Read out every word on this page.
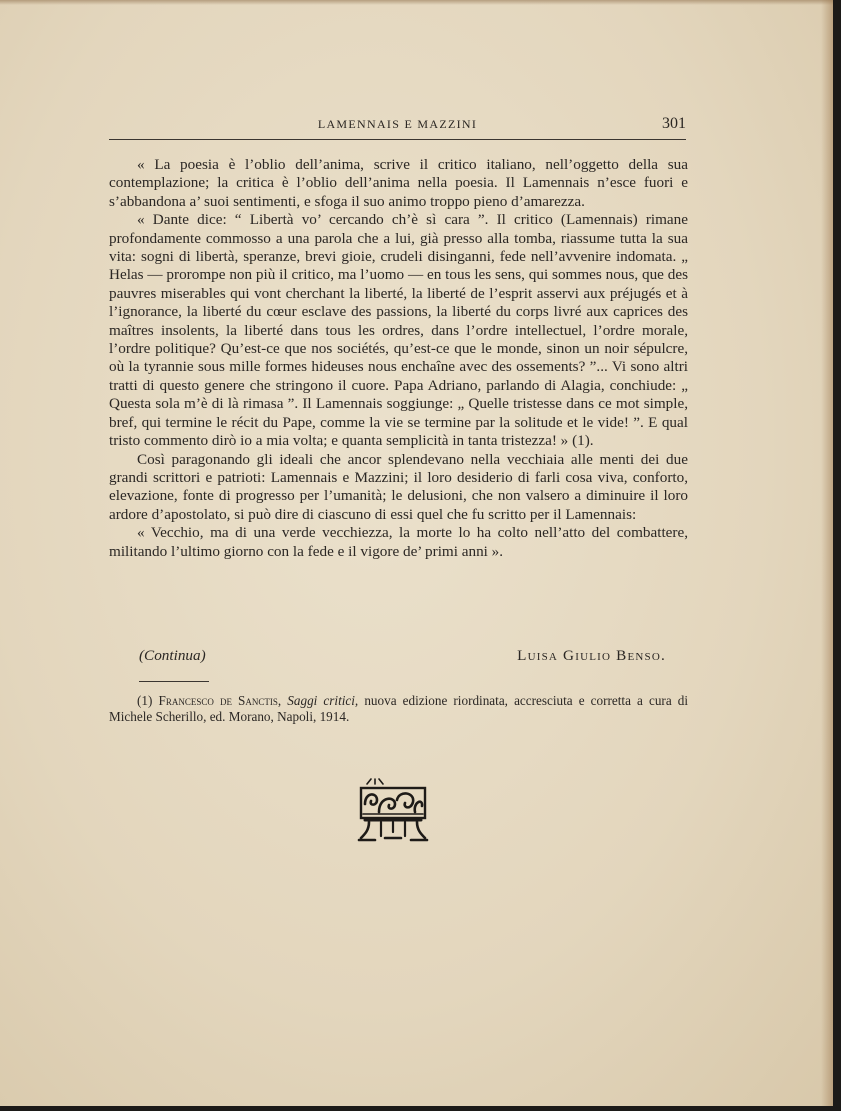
LAMENNAIS E MAZZINI	301

« La poesia è l’oblio dell’anima, scrive il critico italiano, nell’oggetto della sua contemplazione; la critica è l’oblio dell’anima nella poesia. Il Lamennais n’esce fuori e s’abbandona a’ suoi sentimenti, e sfoga il suo animo troppo pieno d’amarezza.

« Dante dice: “ Libertà vo’ cercando ch’è sì cara ”. Il critico (Lamennais) rimane profondamente commosso a una parola che a lui, già presso alla tomba, riassume tutta la sua vita: sogni di libertà, speranze, brevi gioie, crudeli disinganni, fede nell’avvenire indomata. „ Helas — prorompe non più il critico, ma l’uomo — en tous les sens, qui sommes nous, que des pauvres miserables qui vont cherchant la liberté, la liberté de l’esprit asservi aux préjugés et à l’ignorance, la liberté du cœur esclave des passions, la liberté du corps livré aux caprices des maîtres insolents, la liberté dans tous les ordres, dans l’ordre intellectuel, l’ordre morale, l’ordre politique? Qu’est-ce que nos sociétés, qu’est-ce que le monde, sinon un noir sépulcre, où la tyrannie sous mille formes hideuses nous enchaîne avec des ossements? ”... Vi sono altri tratti di questo genere che stringono il cuore. Papa Adriano, parlando di Alagia, conchiude: „ Questa sola m’è di là rimasa ”. Il Lamennais soggiunge: „ Quelle tristesse dans ce mot simple, bref, qui termine le récit du Pape, comme la vie se termine par la solitude et le vide! ”. E qual tristo commento dirò io a mia volta; e quanta semplicità in tanta tristezza! » (1).

Così paragonando gli ideali che ancor splendevano nella vecchiaia alle menti dei due grandi scrittori e patrioti: Lamennais e Mazzini; il loro desiderio di farli cosa viva, conforto, elevazione, fonte di progresso per l’umanità; le delusioni, che non valsero a diminuire il loro ardore d’apostolato, si può dire di ciascuno di essi quel che fu scritto per il Lamennais:

« Vecchio, ma di una verde vecchiezza, la morte lo ha colto nell’atto del combattere, militando l’ultimo giorno con la fede e il vigore de’ primi anni ».

(Continua)	Luisa Giulio Benso.
(1) Francesco de Sanctis, Saggi critici, nuova edizione riordinata, accresciuta e corretta a cura di Michele Scherillo, ed. Morano, Napoli, 1914.
